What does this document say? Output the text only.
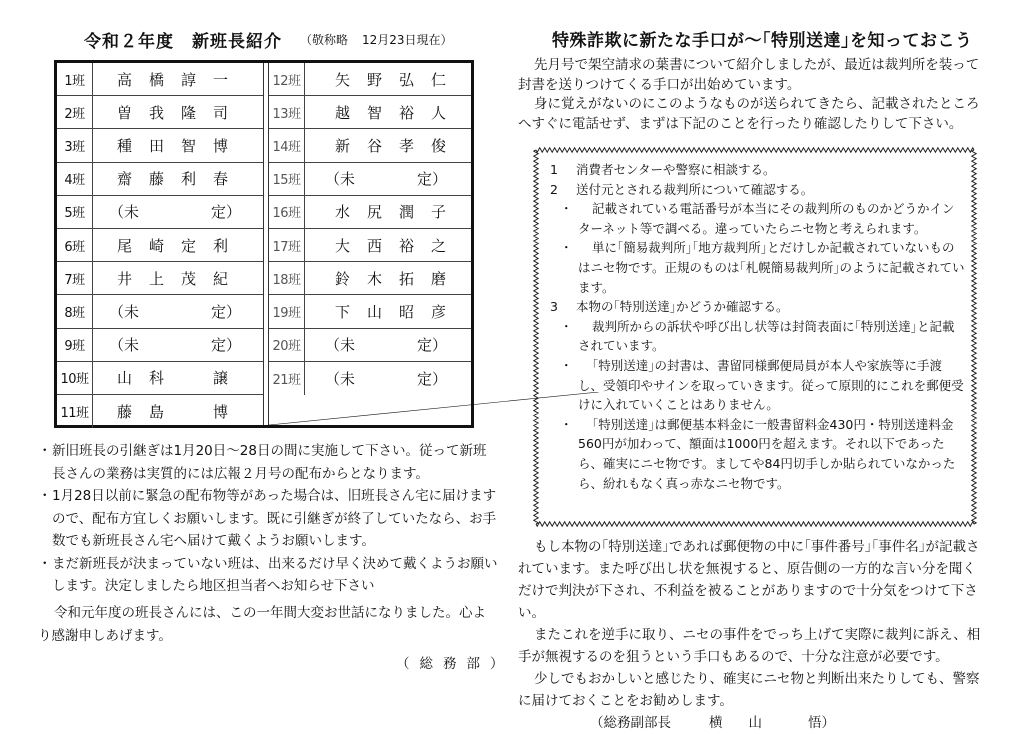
令和２年度 新班長紹介 （敬称略 12月23日現在）
1班	高橋諄一
2班	曽我隆司
3班	種田智博
4班	齋藤利春
5班	（未	定）
6班	尾崎定利
7班	井上茂紀
8班	（未	定）
9班	（未	定）
10班	山科　譲
11班	藤島　博
12班	矢野弘仁
13班	越智裕人
14班	新谷孝俊
15班 （未	定）
16班	水尻潤子
17班	大西裕之
18班	鈴木拓磨
19班	下山昭彦
20班 （未	定）
21班 （未	定）
・ 新旧班長の引継ぎは1月20日～28日の間に実施して下さい。従って新班長さんの業務は実質的には広報２月号の配布からとなります。
・ 1月28日以前に緊急の配布物等があった場合は、旧班長さん宅に届けますので、配布方宜しくお願いします。既に引継ぎが終了していたなら、お手数でも新班長さん宅へ届けて戴くようお願いします。
・ まだ新班長が決まっていない班は、出来るだけ早く決めて戴くようお願いします。決定しましたら地区担当者へお知らせ下さい
令和元年度の班長さんには、この一年間大変お世話になりました。心より感謝申しあげます。
（総務部）
特殊詐欺に新たな手口が～｢特別送達｣を知っておこう

先月号で架空請求の葉書について紹介しましたが、最近は裁判所を装って封書を送りつけてくる手口が出始めています。

身に覚えがないのにこのようなものが送られてきたら、記載されたところへすぐに電話せず、まずは下記のことを行ったり確認したりして下さい。

1	消費者センターや警察に相談する。
2	送付元とされる裁判所について確認する。
・	記載されている電話番号が本当にその裁判所のものかどうかインターネット等で調べる。違っていたらニセ物と考えられます。
・	単に｢簡易裁判所｣｢地方裁判所｣とだけしか記載されていないものはニセ物です。正規のものは｢札幌簡易裁判所｣のように記載されています。
3	本物の｢特別送達｣かどうか確認する。
・	裁判所からの訴状や呼び出し状等は封筒表面に｢特別送達｣と記載されています。
・	｢特別送達｣の封書は、書留同様郵便局員が本人や家族等に手渡し、受領印やサインを取っていきます。従って原則的にこれを郵便受けに入れていくことはありません。
・	｢特別送達｣は郵便基本料金に一般書留料金430円・特別送達料金560円が加わって、額面は1000円を超えます。それ以下であったら、確実にニセ物です。ましてや84円切手しか貼られていなかったら、紛れもなく真っ赤なニセ物です。

もし本物の｢特別送達｣であれば郵便物の中に｢事件番号｣｢事件名｣が記載されています。また呼び出し状を無視すると、原告側の一方的な言い分を聞くだけで判決が下され、不利益を被ることがありますので十分気をつけて下さい。

またこれを逆手に取り、ニセの事件をでっち上げて実際に裁判に訴え、相手が無視するのを狙うという手口もあるので、十分な注意が必要です。

少しでもおかしいと感じたり、確実にニセ物と判断出来たりしても、警察に届けておくことをお勧めします。（総務副部長	横 山	悟）
